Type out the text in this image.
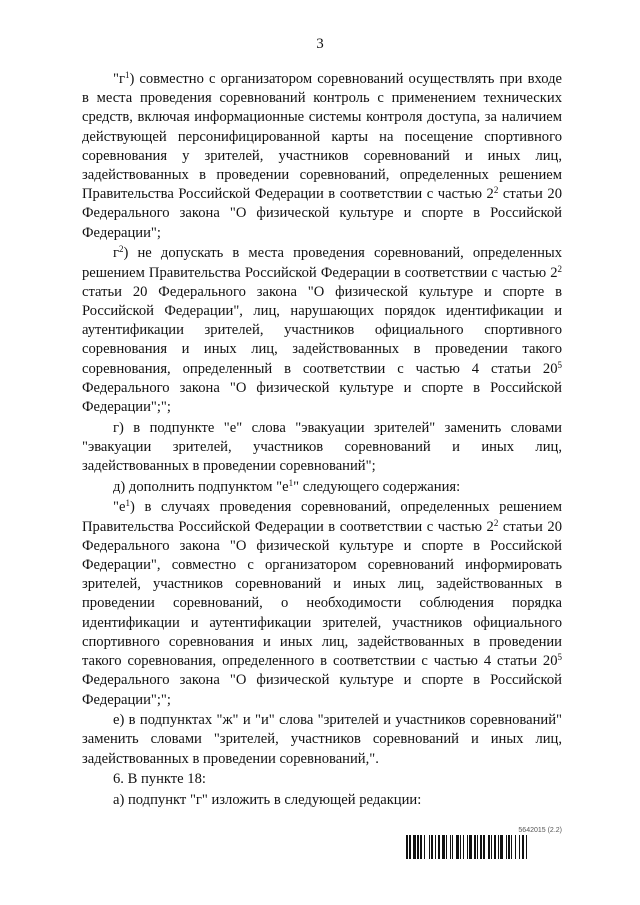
3

"$г^1$) совместно с организатором соревнований осуществлять при входе в места проведения соревнований контроль с применением технических средств, включая информационные системы контроля доступа, за наличием действующей персонифицированной карты на посещение спортивного соревнования у зрителей, участников соревнований и иных лиц, задействованных в проведении соревнований, определенных решением Правительства Российской Федерации в соответствии с частью $2^2$ статьи 20 Федерального закона "О физической культуре и спорте в Российской Федерации";

$г^2$) не допускать в места проведения соревнований, определенных решением Правительства Российской Федерации в соответствии с частью $2^2$ статьи 20 Федерального закона "О физической культуре и спорте в Российской Федерации", лиц, нарушающих порядок идентификации и аутентификации зрителей, участников официального спортивного соревнования и иных лиц, задействованных в проведении такого соревнования, определенный в соответствии с частью 4 статьи $20^5$ Федерального закона "О физической культуре и спорте в Российской Федерации";";

г) в подпункте "е" слова "эвакуации зрителей" заменить словами "эвакуации зрителей, участников соревнований и иных лиц, задействованных в проведении соревнований";

д) дополнить подпунктом "$е^1$" следующего содержания:

"$е^1$) в случаях проведения соревнований, определенных решением Правительства Российской Федерации в соответствии с частью $2^2$ статьи 20 Федерального закона "О физической культуре и спорте в Российской Федерации", совместно с организатором соревнований информировать зрителей, участников соревнований и иных лиц, задействованных в проведении соревнований, о необходимости соблюдения порядка идентификации и аутентификации зрителей, участников официального спортивного соревнования и иных лиц, задействованных в проведении такого соревнования, определенного в соответствии с частью 4 статьи $20^5$ Федерального закона "О физической культуре и спорте в Российской Федерации";";

е) в подпунктах "ж" и "и" слова "зрителей и участников соревнований" заменить словами "зрителей, участников соревнований и иных лиц, задействованных в проведении соревнований,".

6. В пункте 18:

а) подпункт "г" изложить в следующей редакции:

5642015 (2.2)
